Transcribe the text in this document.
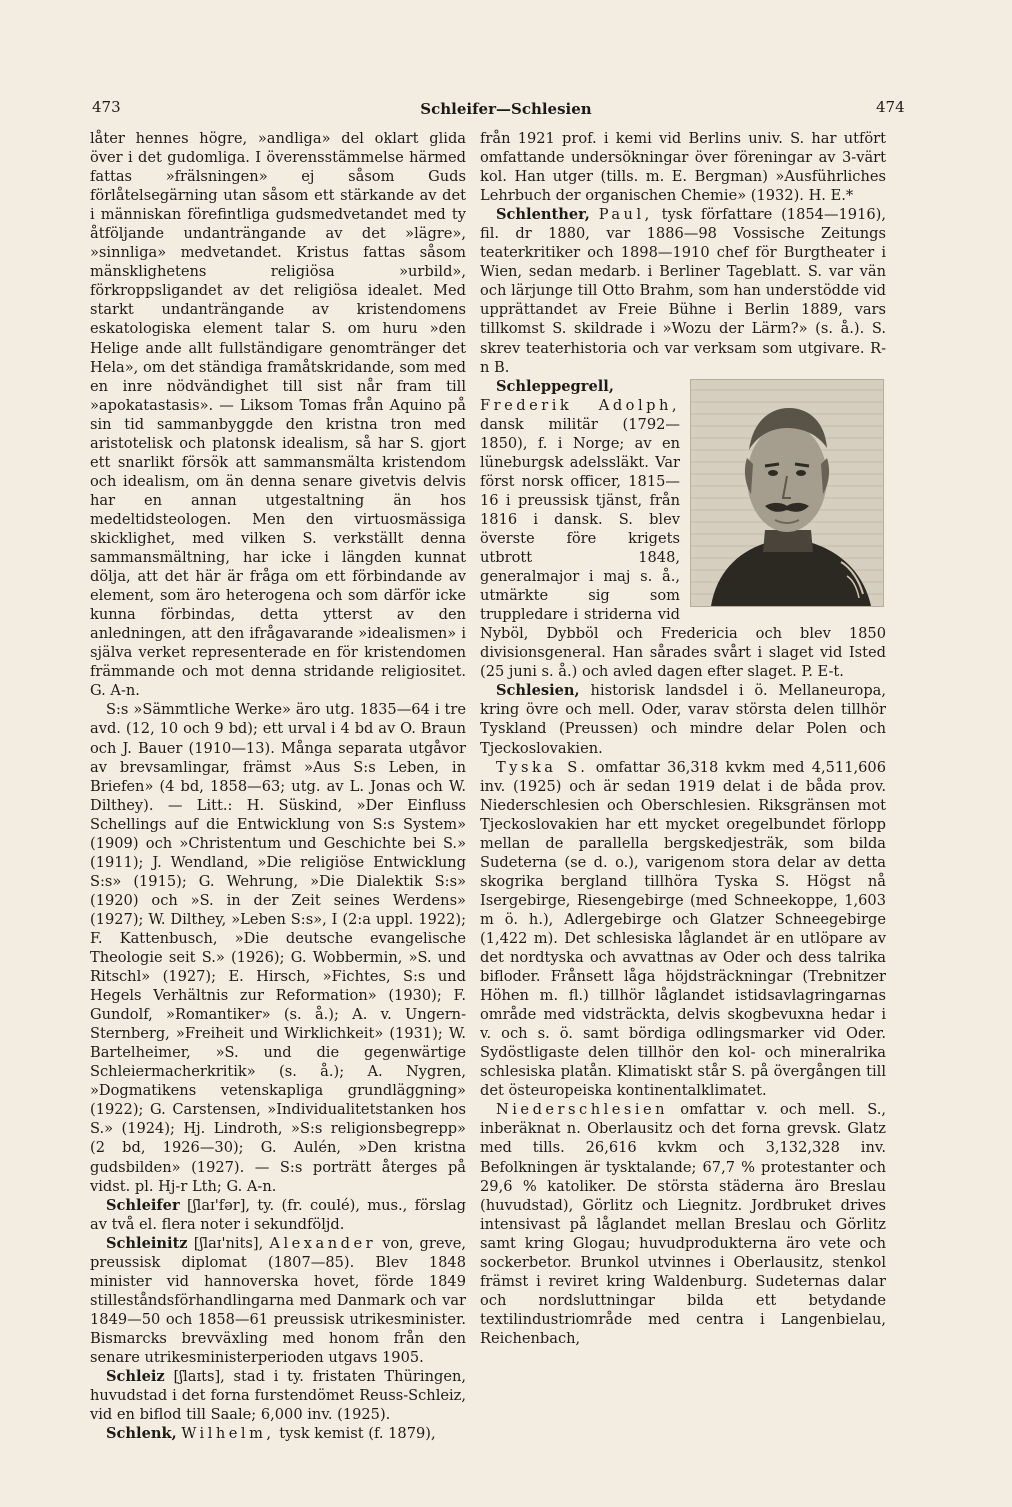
473	Schleifer—Schlesien	474

låter hennes högre, »andliga» del oklart glida över i det gudomliga. I överensstämmelse härmed fattas »frälsningen» ej såsom Guds förlåtelsegärning utan såsom ett stärkande av det i människan förefintliga gudsmedvetandet med ty åtföljande undanträngande av det »lägre», »sinnliga» medvetandet. Kristus fattas såsom mänsklighetens religiösa »urbild», förkroppsligandet av det religiösa idealet. Med starkt undanträngande av kristendomens eskatologiska element talar S. om huru »den Helige ande allt fullständigare genomtränger det Hela», om det ständiga framåtskridande, som med en inre nödvändighet till sist når fram till »apokatastasis». — Liksom Tomas från Aquino på sin tid sammanbyggde den kristna tron med aristotelisk och platonsk idealism, så har S. gjort ett snarlikt försök att sammansmälta kristendom och idealism, om än denna senare givetvis delvis har en annan utgestaltning än hos medeltidsteologen. Men den virtuosmässiga skicklighet, med vilken S. verkställt denna sammansmältning, har icke i längden kunnat dölja, att det här är fråga om ett förbindande av element, som äro heterogena och som därför icke kunna förbindas, detta ytterst av den anledningen, att den ifrågavarande »idealismen» i själva verket representerade en för kristendomen främmande och mot denna stridande religiositet. G. A-n.

S:s »Sämmtliche Werke» äro utg. 1835—64 i tre avd. (12, 10 och 9 bd); ett urval i 4 bd av O. Braun och J. Bauer (1910—13). Många separata utgåvor av brevsamlingar, främst »Aus S:s Leben, in Briefen» (4 bd, 1858—63; utg. av L. Jonas och W. Dilthey). — Litt.: H. Süskind, »Der Einfluss Schellings auf die Entwicklung von S:s System» (1909) och »Christentum und Geschichte bei S.» (1911); J. Wendland, »Die religiöse Entwicklung S:s» (1915); G. Wehrung, »Die Dialektik S:s» (1920) och »S. in der Zeit seines Werdens» (1927); W. Dilthey, »Leben S:s», I (2:a uppl. 1922); F. Kattenbusch, »Die deutsche evangelische Theologie seit S.» (1926); G. Wobbermin, »S. und Ritschl» (1927); E. Hirsch, »Fichtes, S:s und Hegels Verhältnis zur Reformation» (1930); F. Gundolf, »Romantiker» (s. å.); A. v. Ungern-Sternberg, »Freiheit und Wirklichkeit» (1931); W. Bartelheimer, »S. und die gegenwärtige Schleiermacherkritik» (s. å.); A. Nygren, »Dogmatikens vetenskapliga grundläggning» (1922); G. Carstensen, »Individualitetstanken hos S.» (1924); Hj. Lindroth, »S:s religionsbegrepp» (2 bd, 1926—30); G. Aulén, »Den kristna gudsbilden» (1927). — S:s porträtt återges på vidst. pl. Hj-r Lth; G. A-n.

Schleifer [ʃlaɪ'fər], ty. (fr. coulé), mus., förslag av två el. flera noter i sekundföljd.

Schleinitz [ʃlaɪ'nits], Alexander von, greve, preussisk diplomat (1807—85). Blev 1848 minister vid hannoverska hovet, förde 1849 stilleståndsförhandlingarna med Danmark och var 1849—50 och 1858—61 preussisk utrikesminister. Bismarcks brevväxling med honom från den senare utrikesministerperioden utgavs 1905.

Schleiz [ʃlaɪts], stad i ty. fristaten Thüringen, huvudstad i det forna furstendömet Reuss-Schleiz, vid en biflod till Saale; 6,000 inv. (1925).

Schlenk, Wilhelm, tysk kemist (f. 1879),

från 1921 prof. i kemi vid Berlins univ. S. har utfört omfattande undersökningar över föreningar av 3-värt kol. Han utger (tills. m. E. Bergman) »Ausführliches Lehrbuch der organischen Chemie» (1932). H. E.*

Schlenther, Paul, tysk författare (1854—1916), fil. dr 1880, var 1886—98 Vossische Zeitungs teaterkritiker och 1898—1910 chef för Burgtheater i Wien, sedan medarb. i Berliner Tageblatt. S. var vän och lärjunge till Otto Brahm, som han understödde vid upprättandet av Freie Bühne i Berlin 1889, vars tillkomst S. skildrade i »Wozu der Lärm?» (s. å.). S. skrev teaterhistoria och var verksam som utgivare. R-n B.

Schleppegrell, Frederik Adolph, dansk militär (1792—1850), f. i Norge; av en lüneburgsk adelssläkt. Var först norsk officer, 1815—16 i preussisk tjänst, från 1816 i dansk. S. blev överste före krigets utbrott 1848, generalmajor i maj s. å., utmärkte sig som truppledare i striderna vid Nyböl, Dybböl och Fredericia och blev 1850 divisionsgeneral. Han sårades svårt i slaget vid Isted (25 juni s. å.) och avled dagen efter slaget. P. E-t.

Schlesien, historisk landsdel i ö. Mellaneuropa, kring övre och mell. Oder, varav största delen tillhör Tyskland (Preussen) och mindre delar Polen och Tjeckoslovakien.

Tyska S. omfattar 36,318 kvkm med 4,511,606 inv. (1925) och är sedan 1919 delat i de båda prov. Niederschlesien och Oberschlesien. Riksgränsen mot Tjeckoslovakien har ett mycket oregelbundet förlopp mellan de parallella bergskedjesträk, som bilda Sudeterna (se d. o.), varigenom stora delar av detta skogrika bergland tillhöra Tyska S. Högst nå Isergebirge, Riesengebirge (med Schneekoppe, 1,603 m ö. h.), Adlergebirge och Glatzer Schneegebirge (1,422 m). Det schlesiska låglandet är en utlöpare av det nordtyska och avvattnas av Oder och dess talrika bifloder. Frånsett låga höjdsträckningar (Trebnitzer Höhen m. fl.) tillhör låglandet istidsavlagringarnas område med vidsträckta, delvis skogbevuxna hedar i v. och s. ö. samt bördiga odlingsmarker vid Oder. Sydöstligaste delen tillhör den kol- och mineralrika schlesiska platån. Klimatiskt står S. på övergången till det östeuropeiska kontinentalklimatet.

Niederschlesien omfattar v. och mell. S., inberäknat n. Oberlausitz och det forna grevsk. Glatz med tills. 26,616 kvkm och 3,132,328 inv. Befolkningen är tysktalande; 67,7 % protestanter och 29,6 % katoliker. De största städerna äro Breslau (huvudstad), Görlitz och Liegnitz. Jordbruket drives intensivast på låglandet mellan Breslau och Görlitz samt kring Glogau; huvudprodukterna äro vete och sockerbetor. Brunkol utvinnes i Oberlausitz, stenkol främst i reviret kring Waldenburg. Sudeternas dalar och nordsluttningar bilda ett betydande textilindustriområde med centra i Langenbielau, Reichenbach,
